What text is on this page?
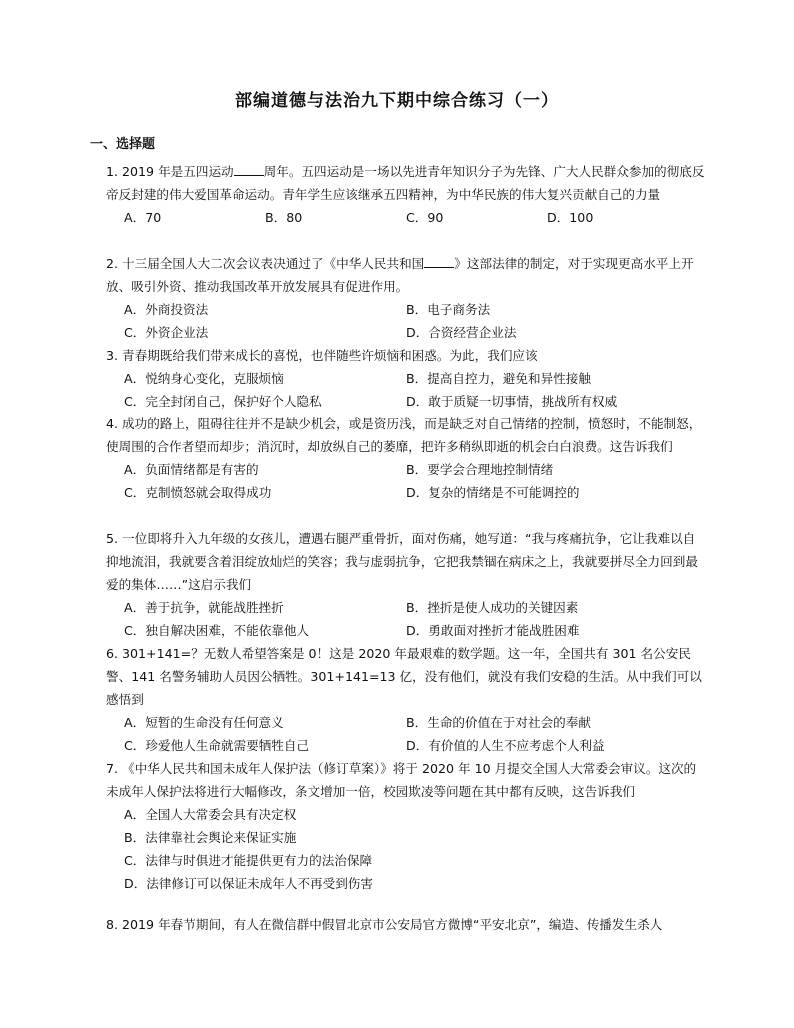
部编道德与法治九下期中综合练习（一）
一、选择题

1. 2019 年是五四运动 周年。五四运动是一场以先进青年知识分子为先锋、广大人民群众参加的彻底反帝反封建的伟大爱国革命运动。青年学生应该继承五四精神，为中华民族的伟大复兴贡献自己的力量

A．70	B．80	C．90	D．100

2. 十三届全国人大二次会议表决通过了《中华人民共和国 》这部法律的制定，对于实现更高水平上开放、吸引外资、推动我国改革开放发展具有促进作用。

A．外商投资法	B．电子商务法
C．外资企业法	D．合资经营企业法

3. 青春期既给我们带来成长的喜悦，也伴随些许烦恼和困惑。为此，我们应该

A．悦纳身心变化，克服烦恼	B．提高自控力，避免和异性接触
C．完全封闭自己，保护好个人隐私	D．敢于质疑一切事情，挑战所有权威

4. 成功的路上，阻碍往往并不是缺少机会，或是资历浅，而是缺乏对自己情绪的控制，愤怒时，不能制怒，使周围的合作者望而却步；消沉时，却放纵自己的萎靡，把许多稍纵即逝的机会白白浪费。这告诉我们

A．负面情绪都是有害的	B．要学会合理地控制情绪
C．克制愤怒就会取得成功	D．复杂的情绪是不可能调控的

5. 一位即将升入九年级的女孩儿，遭遇右腿严重骨折，面对伤痛，她写道：“我与疼痛抗争，它让我难以自抑地流泪，我就要含着泪绽放灿烂的笑容；我与虚弱抗争，它把我禁锢在病床之上，我就要拼尽全力回到最爱的集体……”这启示我们

A．善于抗争，就能战胜挫折	B．挫折是使人成功的关键因素
C．独自解决困难，不能依靠他人	D．勇敢面对挫折才能战胜困难

6. 301+141=？无数人希望答案是 0！这是 2020 年最艰难的数学题。这一年，全国共有 301 名公安民警、141 名警务辅助人员因公牺牲。301+141=13 亿，没有他们，就没有我们安稳的生活。从中我们可以感悟到

A．短暂的生命没有任何意义	B．生命的价值在于对社会的奉献
C．珍爱他人生命就需要牺牲自己	D．有价值的人生不应考虑个人利益

7. 《中华人民共和国未成年人保护法（修订草案）》将于 2020 年 10 月提交全国人大常委会审议。这次的未成年人保护法将进行大幅修改，条文增加一倍，校园欺凌等问题在其中都有反映，这告诉我们

A．全国人大常委会具有决定权
B．法律靠社会舆论来保证实施
C．法律与时俱进才能提供更有力的法治保障
D．法律修订可以保证未成年人不再受到伤害

8. 2019 年春节期间，有人在微信群中假冒北京市公安局官方微博“平安北京”，编造、传播发生杀人
